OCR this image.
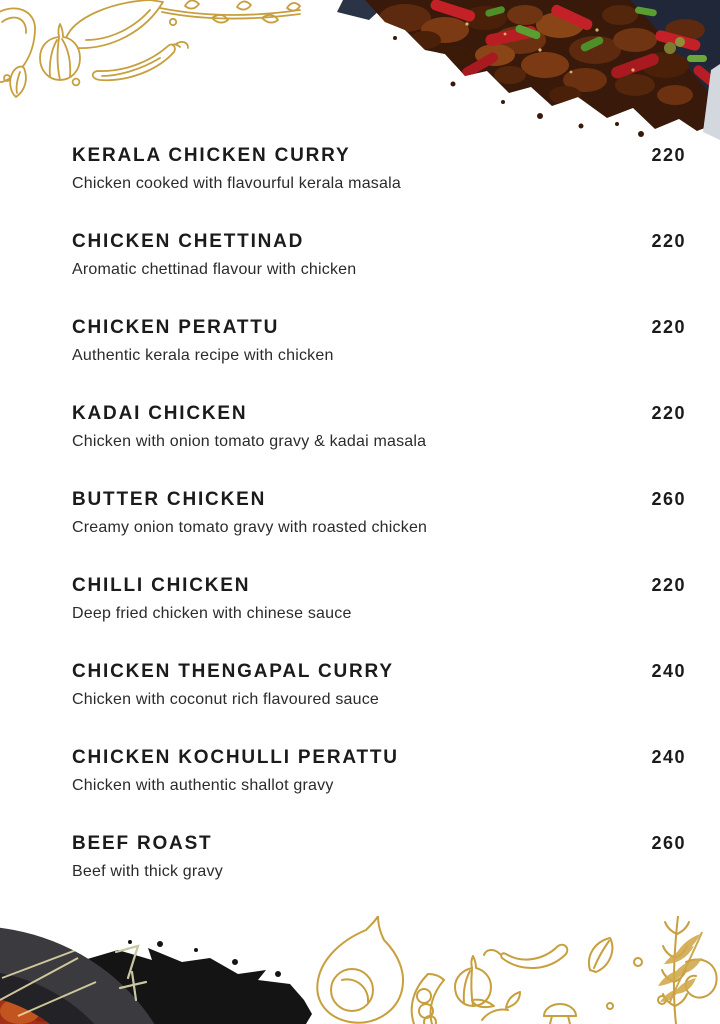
KERALA CHICKEN CURRY	220
Chicken cooked with flavourful kerala masala
CHICKEN CHETTINAD	220
Aromatic chettinad flavour with chicken
CHICKEN PERATTU	220
Authentic kerala recipe with chicken
KADAI CHICKEN	220
Chicken with onion tomato gravy & kadai masala
BUTTER CHICKEN	260
Creamy onion tomato gravy with roasted chicken
CHILLI CHICKEN	220
Deep fried chicken with chinese sauce
CHICKEN THENGAPAL CURRY	240
Chicken with coconut rich flavoured sauce
CHICKEN KOCHULLI PERATTU	240
Chicken with authentic shallot gravy
BEEF ROAST	260
Beef with thick gravy
